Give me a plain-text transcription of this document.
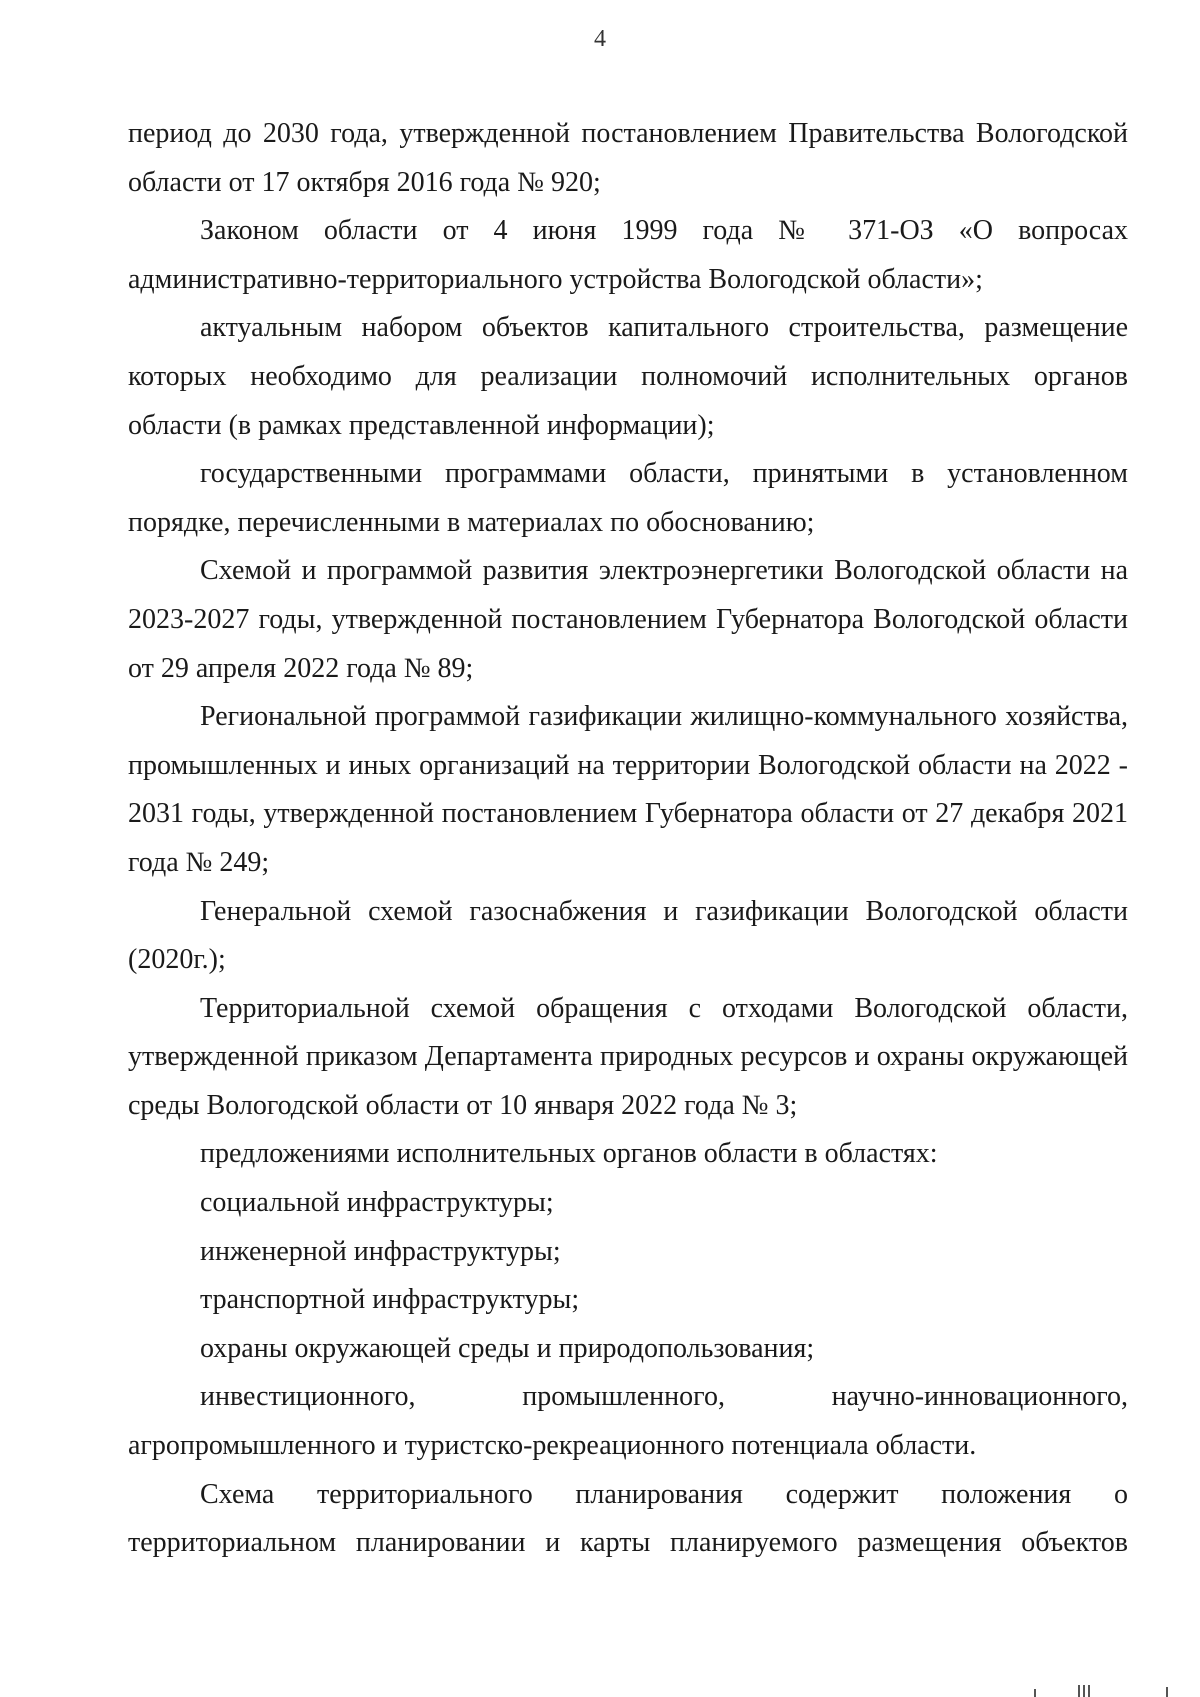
4

период до 2030 года, утвержденной постановлением Правительства Вологодской области от 17 октября 2016 года № 920;

Законом области от 4 июня 1999 года № 371-ОЗ «О вопросах административно-территориального устройства Вологодской области»;

актуальным набором объектов капитального строительства, размещение которых необходимо для реализации полномочий исполнительных органов области (в рамках представленной информации);

государственными программами области, принятыми в установленном порядке, перечисленными в материалах по обоснованию;

Схемой и программой развития электроэнергетики Вологодской области на 2023-2027 годы, утвержденной постановлением Губернатора Вологодской области от 29 апреля 2022 года № 89;

Региональной программой газификации жилищно-коммунального хозяйства, промышленных и иных организаций на территории Вологодской области на 2022 - 2031 годы, утвержденной постановлением Губернатора области от 27 декабря 2021 года № 249;

Генеральной схемой газоснабжения и газификации Вологодской области (2020г.);

Территориальной схемой обращения с отходами Вологодской области, утвержденной приказом Департамента природных ресурсов и охраны окружающей среды Вологодской области от 10 января 2022 года № 3;

предложениями исполнительных органов области в областях:

социальной инфраструктуры;

инженерной инфраструктуры;

транспортной инфраструктуры;

охраны окружающей среды и природопользования;

инвестиционного, промышленного, научно-инновационного, агропромышленного и туристско-рекреационного потенциала области.

Схема территориального планирования содержит положения о территориальном планировании и карты планируемого размещения объектов
